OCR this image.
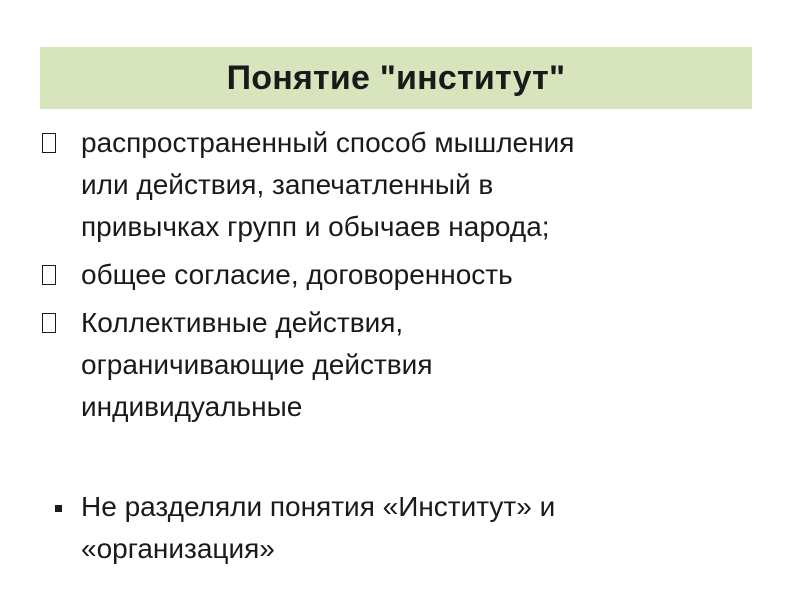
Понятие "институт"
распространенный способ мышления
или действия, запечатленный в
привычках групп и обычаев народа;
общее согласие, договоренность
Коллективные действия,
ограничивающие действия
индивидуальные
Не разделяли понятия «Институт» и
«организация»
